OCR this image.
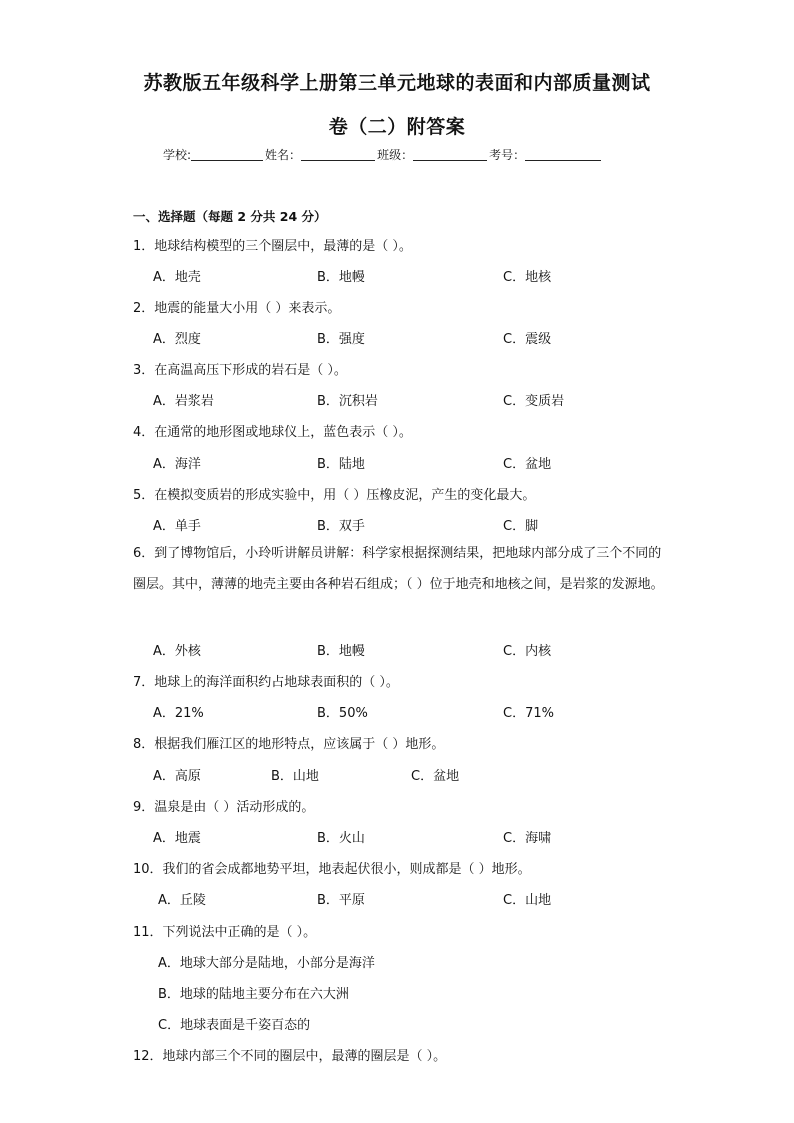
苏教版五年级科学上册第三单元地球的表面和内部质量测试
卷（二）附答案
学校:	姓名：	班级：	考号：
一、选择题（每题 2 分共 24 分）
1．地球结构模型的三个圈层中，最薄的是（ ）。
A．地壳	B．地幔	C．地核
2．地震的能量大小用（ ）来表示。
A．烈度	B．强度	C．震级
3．在高温高压下形成的岩石是（ ）。
A．岩浆岩	B．沉积岩	C．变质岩
4．在通常的地形图或地球仪上，蓝色表示（ ）。
A．海洋	B．陆地	C．盆地
5．在模拟变质岩的形成实验中，用（ ）压橡皮泥，产生的变化最大。
A．单手	B．双手	C．脚
6．到了博物馆后，小玲听讲解员讲解：科学家根据探测结果，把地球内部分成了三个不同的圈层。其中，薄薄的地壳主要由各种岩石组成；（ ）位于地壳和地核之间，是岩浆的发源地。
A．外核	B．地幔	C．内核
7．地球上的海洋面积约占地球表面积的（ ）。
A．21%	B．50%	C．71%
8．根据我们雁江区的地形特点，应该属于（ ）地形。
A．高原	B．山地	C．盆地
9．温泉是由（ ）活动形成的。
A．地震	B．火山	C．海啸
10．我们的省会成都地势平坦，地表起伏很小，则成都是（ ）地形。
A．丘陵	B．平原	C．山地
11．下列说法中正确的是（ ）。
A．地球大部分是陆地，小部分是海洋
B．地球的陆地主要分布在六大洲
C．地球表面是千姿百态的
12．地球内部三个不同的圈层中，最薄的圈层是（ ）。
